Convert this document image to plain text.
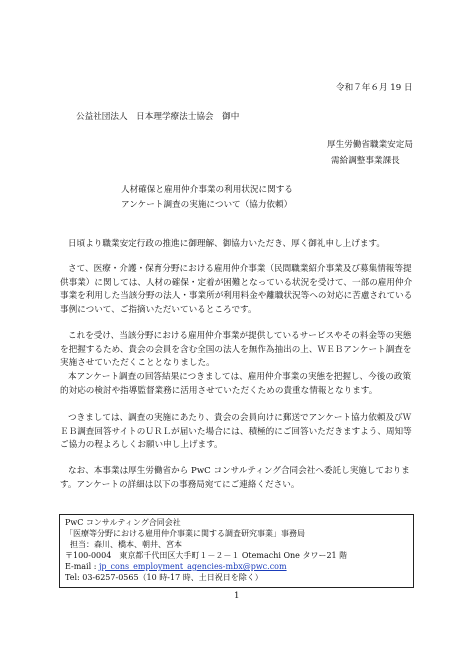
令和７年６月 19 日
公益社団法人　日本理学療法士協会　御中
厚生労働省職業安定局
需給調整事業課長
人材確保と雇用仲介事業の利用状況に関する
アンケート調査の実施について（協力依頼）
日頃より職業安定行政の推進に御理解、御協力いただき、厚く御礼申し上げます。
さて、医療・介護・保育分野における雇用仲介事業（民間職業紹介事業及び募集情報等提供事業）に関しては、人材の確保・定着が困難となっている状況を受けて、一部の雇用仲介事業を利用した当該分野の法人・事業所が利用料金や離職状況等への対応に苦慮されている事例について、ご指摘いただいているところです。
これを受け、当該分野における雇用仲介事業が提供しているサービスやその料金等の実態を把握するため、貴会の会員を含む全国の法人を無作為抽出の上、ＷＥＢアンケート調査を実施させていただくこととなりました。
本アンケート調査の回答結果につきましては、雇用仲介事業の実態を把握し、今後の政策的対応の検討や指導監督業務に活用させていただくための貴重な情報となります。
つきましては、調査の実施にあたり、貴会の会員向けに郵送でアンケート協力依頼及びＷＥＢ調査回答サイトのＵＲＬが届いた場合には、積極的にご回答いただきますよう、周知等ご協力の程よろしくお願い申し上げます。
なお、本事業は厚生労働省から PwC コンサルティング合同会社へ委託し実施しております。アンケートの詳細は以下の事務局宛てにご連絡ください。
PwC コンサルティング合同会社
「医療等分野における雇用仲介事業に関する調査研究事業」事務局
担当：森川、橋本、朝井、宮本
〒100-0004　東京都千代田区大手町１－２－１ Otemachi One タワー21 階
E-mail : jp_cons_employment_agencies-mbx@pwc.com
Tel: 03-6257-0565（10 時-17 時、土日祝日を除く）
1
